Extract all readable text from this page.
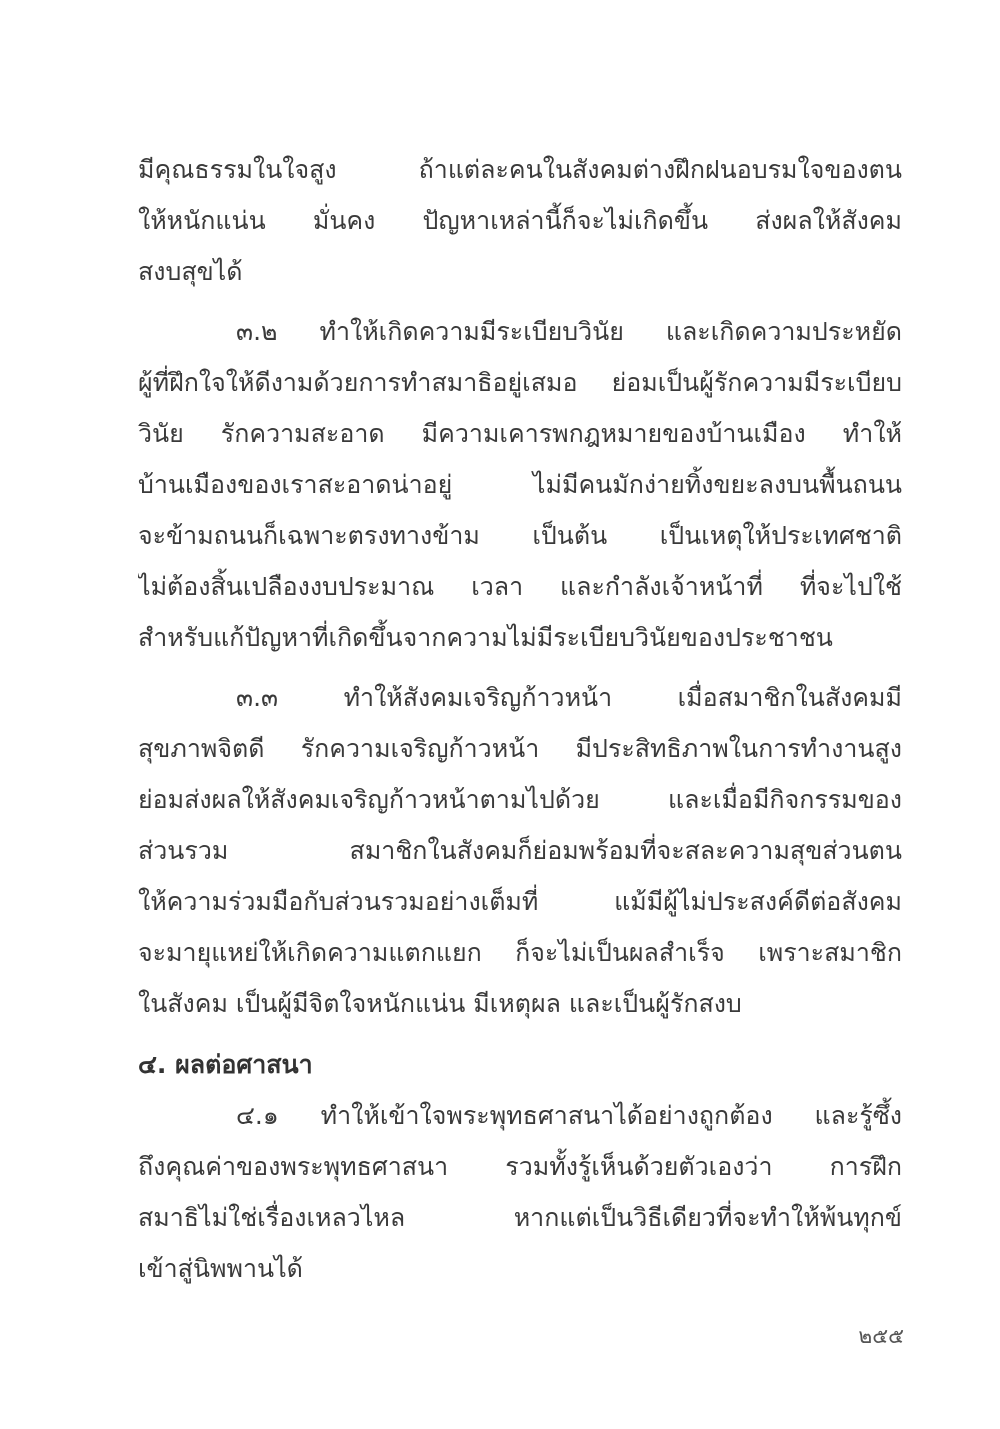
มีคุณธรรมในใจสูง ถ้าแต่ละคนในสังคมต่างฝึกฝนอบรมใจของตน
ให้หนักแน่น มั่นคง ปัญหาเหล่านี้ก็จะไม่เกิดขึ้น ส่งผลให้สังคม
สงบสุขได้
๓.๒ ทำให้เกิดความมีระเบียบวินัย และเกิดความประหยัด
ผู้ที่ฝึกใจให้ดีงามด้วยการทำสมาธิอยู่เสมอ ย่อมเป็นผู้รักความมีระเบียบ
วินัย รักความสะอาด มีความเคารพกฎหมายของบ้านเมือง ทำให้
บ้านเมืองของเราสะอาดน่าอยู่ ไม่มีคนมักง่ายทิ้งขยะลงบนพื้นถนน
จะข้ามถนนก็เฉพาะตรงทางข้าม เป็นต้น เป็นเหตุให้ประเทศชาติ
ไม่ต้องสิ้นเปลืองงบประมาณ เวลา และกำลังเจ้าหน้าที่ ที่จะไปใช้
สำหรับแก้ปัญหาที่เกิดขึ้นจากความไม่มีระเบียบวินัยของประชาชน
๓.๓ ทำให้สังคมเจริญก้าวหน้า เมื่อสมาชิกในสังคมมี
สุขภาพจิตดี รักความเจริญก้าวหน้า มีประสิทธิภาพในการทำงานสูง
ย่อมส่งผลให้สังคมเจริญก้าวหน้าตามไปด้วย และเมื่อมีกิจกรรมของ
ส่วนรวม สมาชิกในสังคมก็ย่อมพร้อมที่จะสละความสุขส่วนตน
ให้ความร่วมมือกับส่วนรวมอย่างเต็มที่ แม้มีผู้ไม่ประสงค์ดีต่อสังคม
จะมายุแหย่ให้เกิดความแตกแยก ก็จะไม่เป็นผลสำเร็จ เพราะสมาชิก
ในสังคม เป็นผู้มีจิตใจหนักแน่น มีเหตุผล และเป็นผู้รักสงบ
๔. ผลต่อศาสนา
๔.๑ ทำให้เข้าใจพระพุทธศาสนาได้อย่างถูกต้อง และรู้ซึ้ง
ถึงคุณค่าของพระพุทธศาสนา รวมทั้งรู้เห็นด้วยตัวเองว่า การฝึก
สมาธิไม่ใช่เรื่องเหลวไหล หากแต่เป็นวิธีเดียวที่จะทำให้พ้นทุกข์
เข้าสู่นิพพานได้
๒๕๕
